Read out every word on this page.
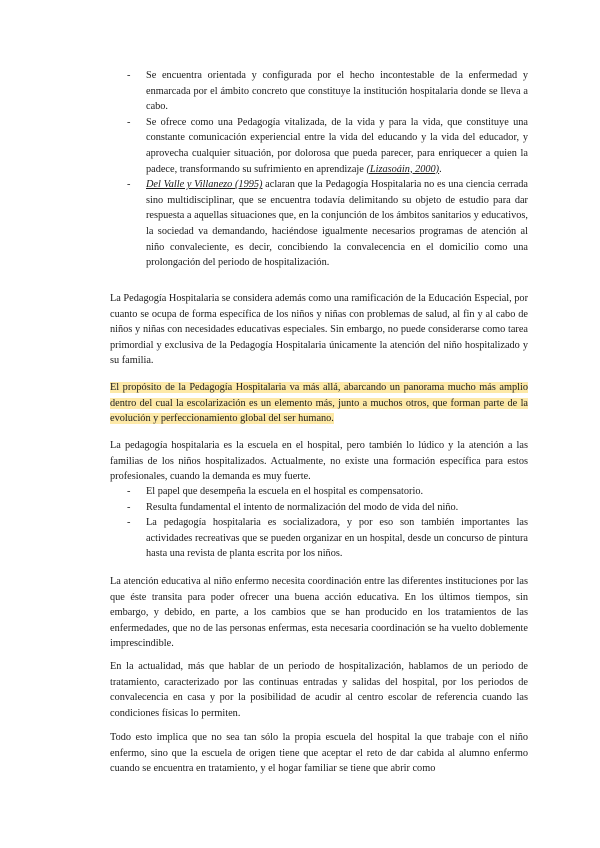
- Se encuentra orientada y configurada por el hecho incontestable de la enfermedad y enmarcada por el ámbito concreto que constituye la institución hospitalaria donde se lleva a cabo.
- Se ofrece como una Pedagogía vitalizada, de la vida y para la vida, que constituye una constante comunicación experiencial entre la vida del educando y la vida del educador, y aprovecha cualquier situación, por dolorosa que pueda parecer, para enriquecer a quien la padece, transformando su sufrimiento en aprendizaje (Lizasoáin, 2000).
- Del Valle y Villanezo (1995) aclaran que la Pedagogía Hospitalaria no es una ciencia cerrada sino multidisciplinar, que se encuentra todavía delimitando su objeto de estudio para dar respuesta a aquellas situaciones que, en la conjunción de los ámbitos sanitarios y educativos, la sociedad va demandando, haciéndose igualmente necesarios programas de atención al niño convaleciente, es decir, concibiendo la convalecencia en el domicilio como una prolongación del periodo de hospitalización.

La Pedagogía Hospitalaria se considera además como una ramificación de la Educación Especial, por cuanto se ocupa de forma específica de los niños y niñas con problemas de salud, al fin y al cabo de niños y niñas con necesidades educativas especiales. Sin embargo, no puede considerarse como tarea primordial y exclusiva de la Pedagogía Hospitalaria únicamente la atención del niño hospitalizado y su familia.

El propósito de la Pedagogía Hospitalaria va más allá, abarcando un panorama mucho más amplio dentro del cual la escolarización es un elemento más, junto a muchos otros, que forman parte de la evolución y perfeccionamiento global del ser humano.

La pedagogía hospitalaria es la escuela en el hospital, pero también lo lúdico y la atención a las familias de los niños hospitalizados. Actualmente, no existe una formación específica para estos profesionales, cuando la demanda es muy fuerte.

- El papel que desempeña la escuela en el hospital es compensatorio.
- Resulta fundamental el intento de normalización del modo de vida del niño.
- La pedagogía hospitalaria es socializadora, y por eso son también importantes las actividades recreativas que se pueden organizar en un hospital, desde un concurso de pintura hasta una revista de planta escrita por los niños.

La atención educativa al niño enfermo necesita coordinación entre las diferentes instituciones por las que éste transita para poder ofrecer una buena acción educativa. En los últimos tiempos, sin embargo, y debido, en parte, a los cambios que se han producido en los tratamientos de las enfermedades, que no de las personas enfermas, esta necesaria coordinación se ha vuelto doblemente imprescindible.

En la actualidad, más que hablar de un periodo de hospitalización, hablamos de un periodo de tratamiento, caracterizado por las continuas entradas y salidas del hospital, por los periodos de convalecencia en casa y por la posibilidad de acudir al centro escolar de referencia cuando las condiciones físicas lo permiten.

Todo esto implica que no sea tan sólo la propia escuela del hospital la que trabaje con el niño enfermo, sino que la escuela de origen tiene que aceptar el reto de dar cabida al alumno enfermo cuando se encuentra en tratamiento, y el hogar familiar se tiene que abrir como
